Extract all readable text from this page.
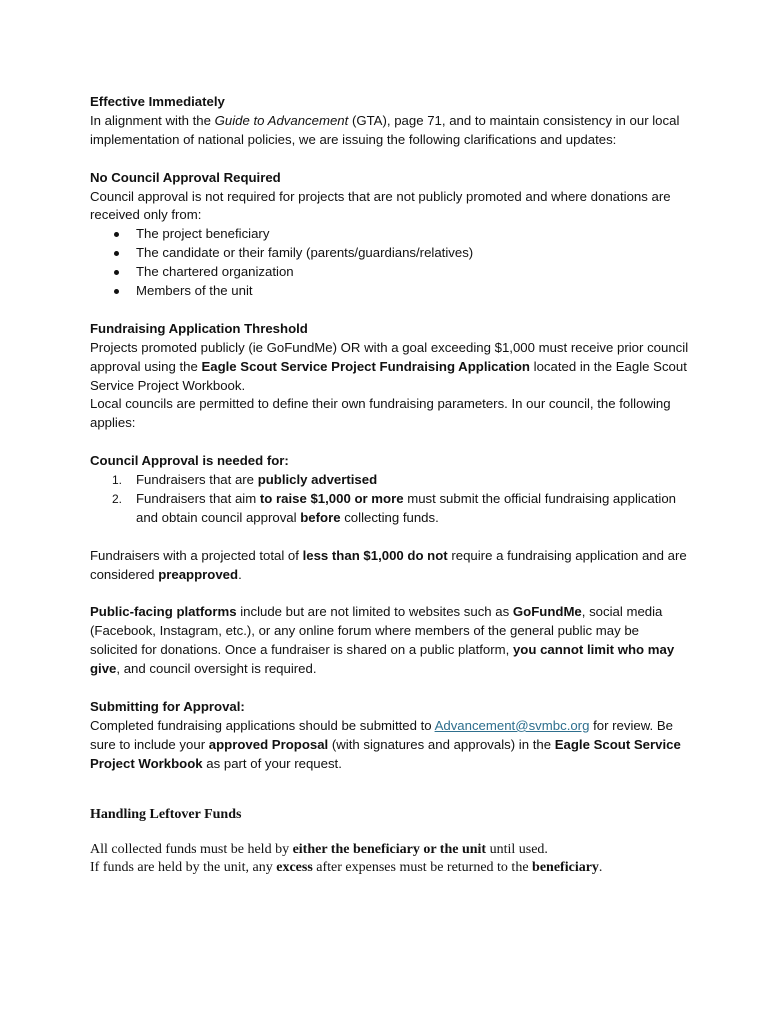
Effective Immediately

In alignment with the Guide to Advancement (GTA), page 71, and to maintain consistency in our local implementation of national policies, we are issuing the following clarifications and updates:

No Council Approval Required

Council approval is not required for projects that are not publicly promoted and where donations are received only from:

The project beneficiary
The candidate or their family (parents/guardians/relatives)
The chartered organization
Members of the unit

Fundraising Application Threshold

Projects promoted publicly (ie GoFundMe) OR with a goal exceeding $1,000 must receive prior council approval using the Eagle Scout Service Project Fundraising Application located in the Eagle Scout Service Project Workbook.

Local councils are permitted to define their own fundraising parameters. In our council, the following applies:

Council Approval is needed for:

1. Fundraisers that are publicly advertised
2. Fundraisers that aim to raise $1,000 or more must submit the official fundraising application and obtain council approval before collecting funds.

Fundraisers with a projected total of less than $1,000 do not require a fundraising application and are considered preapproved.

Public-facing platforms include but are not limited to websites such as GoFundMe, social media (Facebook, Instagram, etc.), or any online forum where members of the general public may be solicited for donations. Once a fundraiser is shared on a public platform, you cannot limit who may give, and council oversight is required.

Submitting for Approval:

Completed fundraising applications should be submitted to Advancement@svmbc.org for review. Be sure to include your approved Proposal (with signatures and approvals) in the Eagle Scout Service Project Workbook as part of your request.

Handling Leftover Funds

All collected funds must be held by either the beneficiary or the unit until used.

If funds are held by the unit, any excess after expenses must be returned to the beneficiary.
